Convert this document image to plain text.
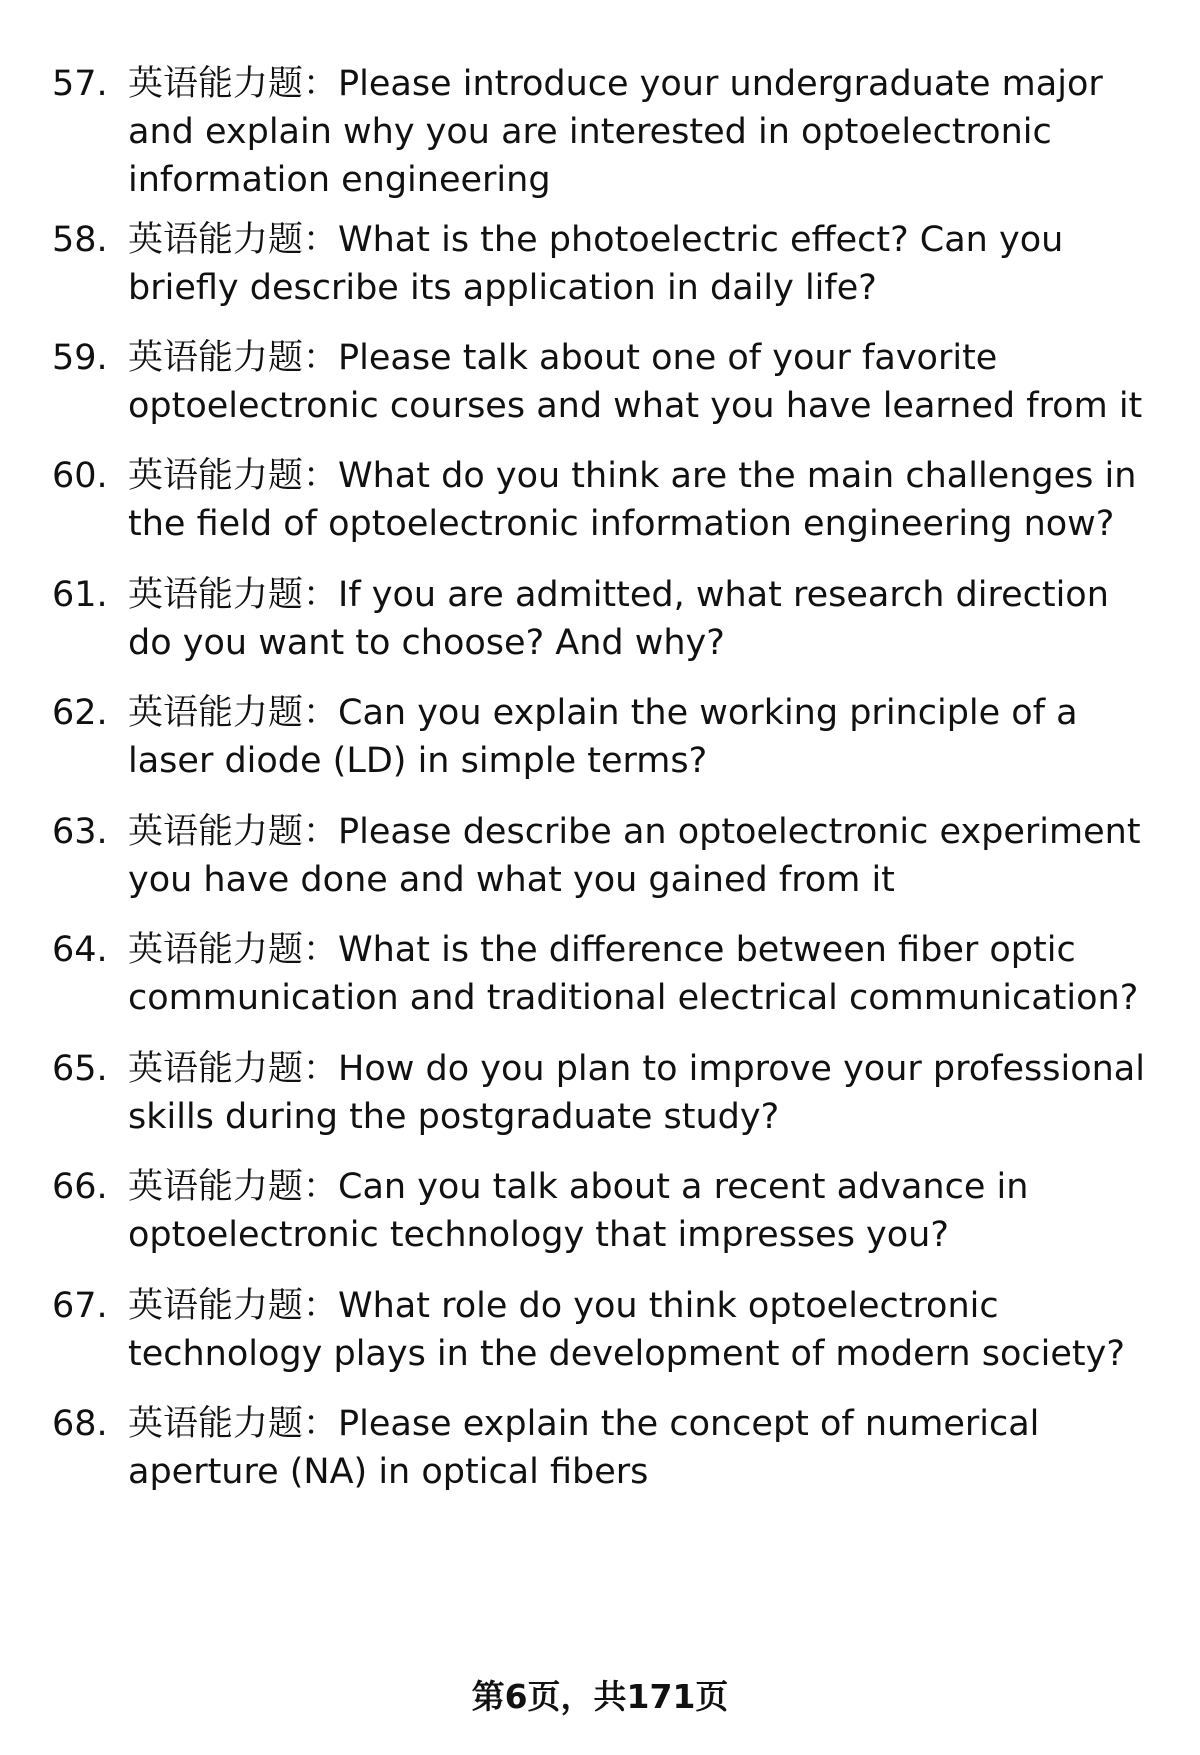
57. 英语能力题：Please introduce your undergraduate major and explain why you are interested in optoelectronic information engineering
58. 英语能力题：What is the photoelectric effect? Can you briefly describe its application in daily life?
59. 英语能力题：Please talk about one of your favorite optoelectronic courses and what you have learned from it
60. 英语能力题：What do you think are the main challenges in the field of optoelectronic information engineering now?
61. 英语能力题：If you are admitted, what research direction do you want to choose? And why?
62. 英语能力题：Can you explain the working principle of a laser diode (LD) in simple terms?
63. 英语能力题：Please describe an optoelectronic experiment you have done and what you gained from it
64. 英语能力题：What is the difference between fiber optic communication and traditional electrical communication?
65. 英语能力题：How do you plan to improve your professional skills during the postgraduate study?
66. 英语能力题：Can you talk about a recent advance in optoelectronic technology that impresses you?
67. 英语能力题：What role do you think optoelectronic technology plays in the development of modern society?
68. 英语能力题：Please explain the concept of numerical aperture (NA) in optical fibers
第6页，共171页
